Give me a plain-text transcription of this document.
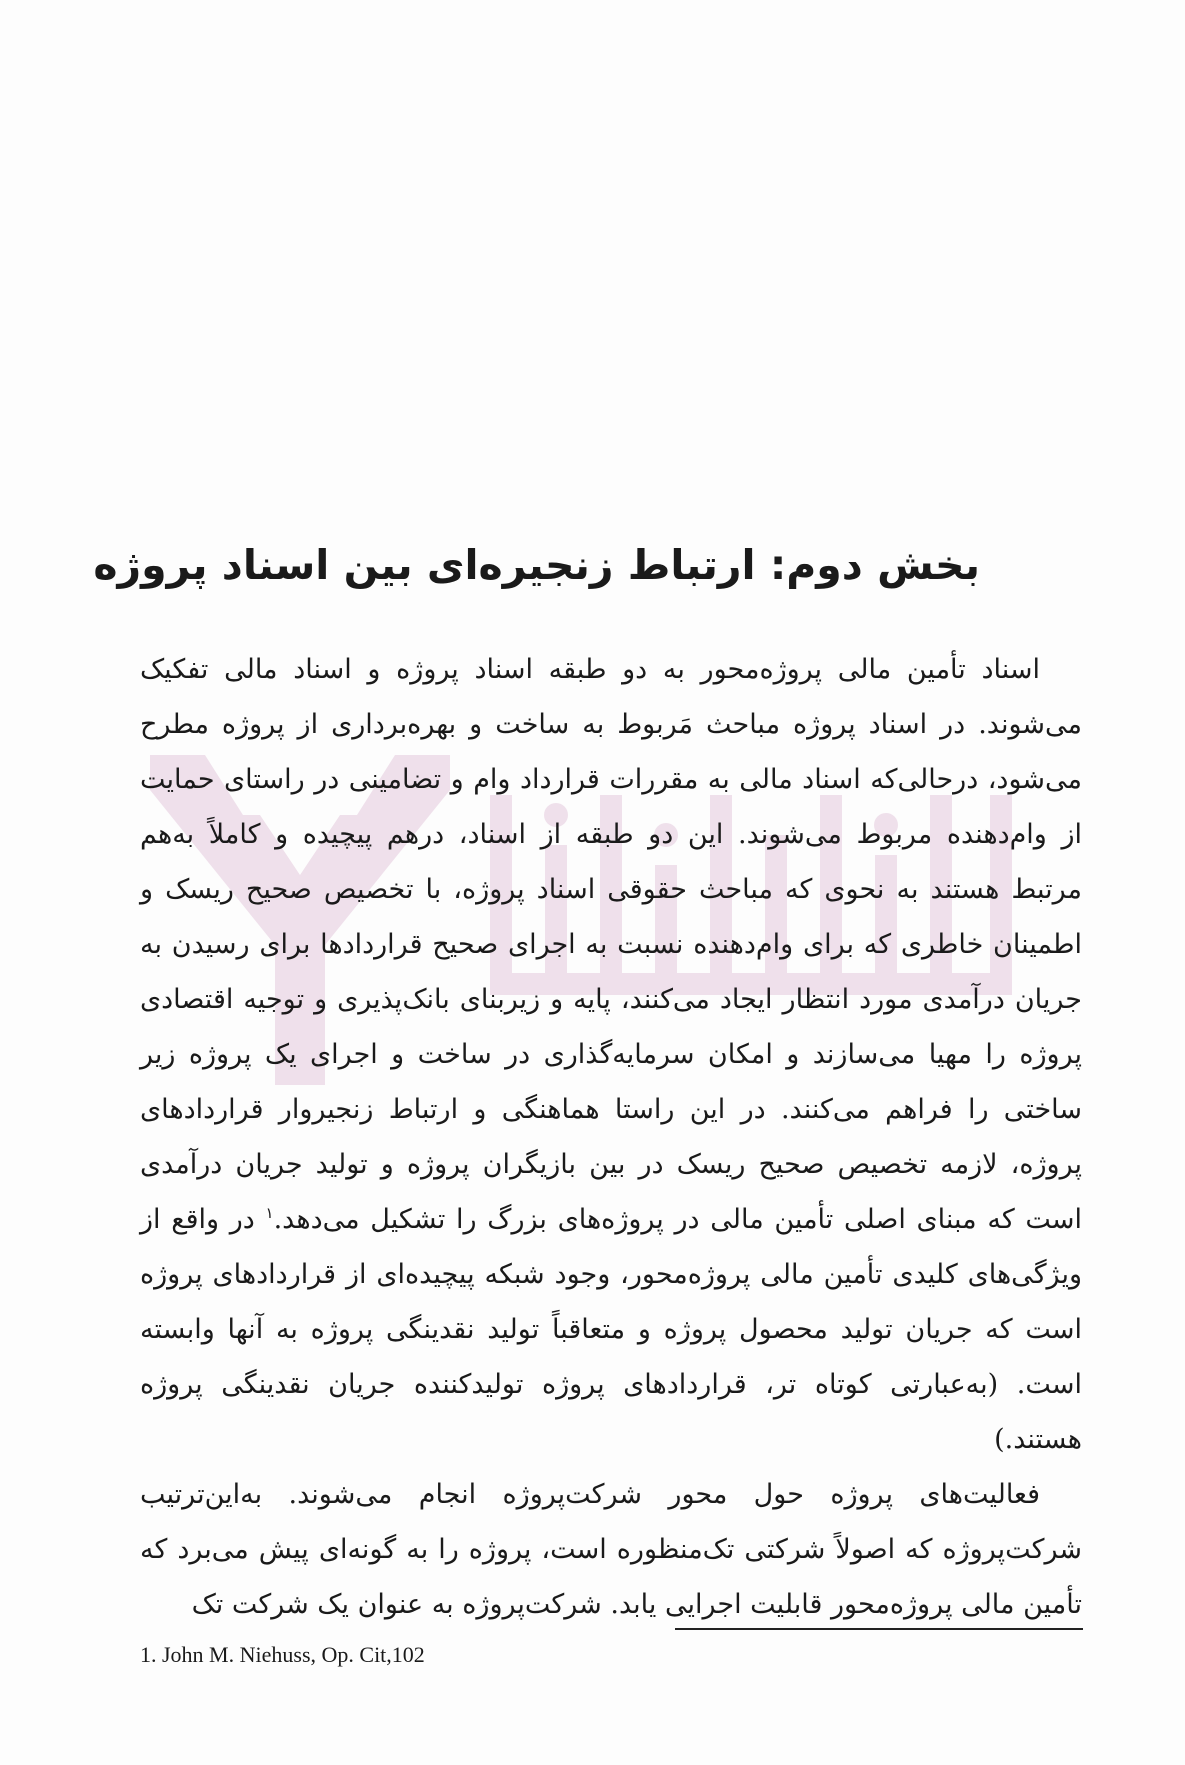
بخش دوم: ارتباط زنجیره‌ای بین اسناد پروژه

اسناد تأمین مالی پروژه‌محور به دو طبقه اسناد پروژه و اسناد مالی تفکیک می‌شوند. در اسناد پروژه مباحث مَربوط به ساخت و بهره‌برداری از پروژه مطرح می‌شود، درحالی‌که اسناد مالی به مقررات قرارداد وام و تضامینی در راستای حمایت از وام‌دهنده مربوط می‌شوند. این دو طبقه از اسناد، درهم پیچیده و کاملاً به‌هم مرتبط هستند به نحوی که مباحث حقوقی اسناد پروژه، با تخصیص صحیح ریسک و اطمینان خاطری که برای وام‌دهنده نسبت به اجرای صحیح قراردادها برای رسیدن به جریان درآمدی مورد انتظار ایجاد می‌کنند، پایه و زیربنای بانک‌پذیری و توجیه اقتصادی پروژه را مهیا می‌سازند و امکان سرمایه‌گذاری در ساخت و اجرای یک پروژه زیر ساختی را فراهم می‌کنند. در این راستا هماهنگی و ارتباط زنجیروار قراردادهای پروژه، لازمه تخصیص صحیح ریسک در بین بازیگران پروژه و تولید جریان درآمدی است که مبنای اصلی تأمین مالی در پروژه‌های بزرگ را تشکیل می‌دهد.$^۱$ در واقع از ویژگی‌های کلیدی تأمین مالی پروژه‌محور، وجود شبکه پیچیده‌ای از قراردادهای پروژه است که جریان تولید محصول پروژه و متعاقباً تولید نقدینگی پروژه به آنها وابسته است. (به‌عبارتی کوتاه تر، قراردادهای پروژه تولیدکننده جریان نقدینگی پروژه هستند.)

فعالیت‌های پروژه حول محور شرکت‌پروژه انجام می‌شوند. به‌این‌ترتیب شرکت‌پروژه که اصولاً شرکتی تک‌منظوره است، پروژه را به گونه‌ای پیش می‌برد که تأمین مالی پروژه‌محور قابلیت اجرایی یابد. شرکت‌پروژه به عنوان یک شرکت تک

1. John M. Niehuss, Op. Cit,102
